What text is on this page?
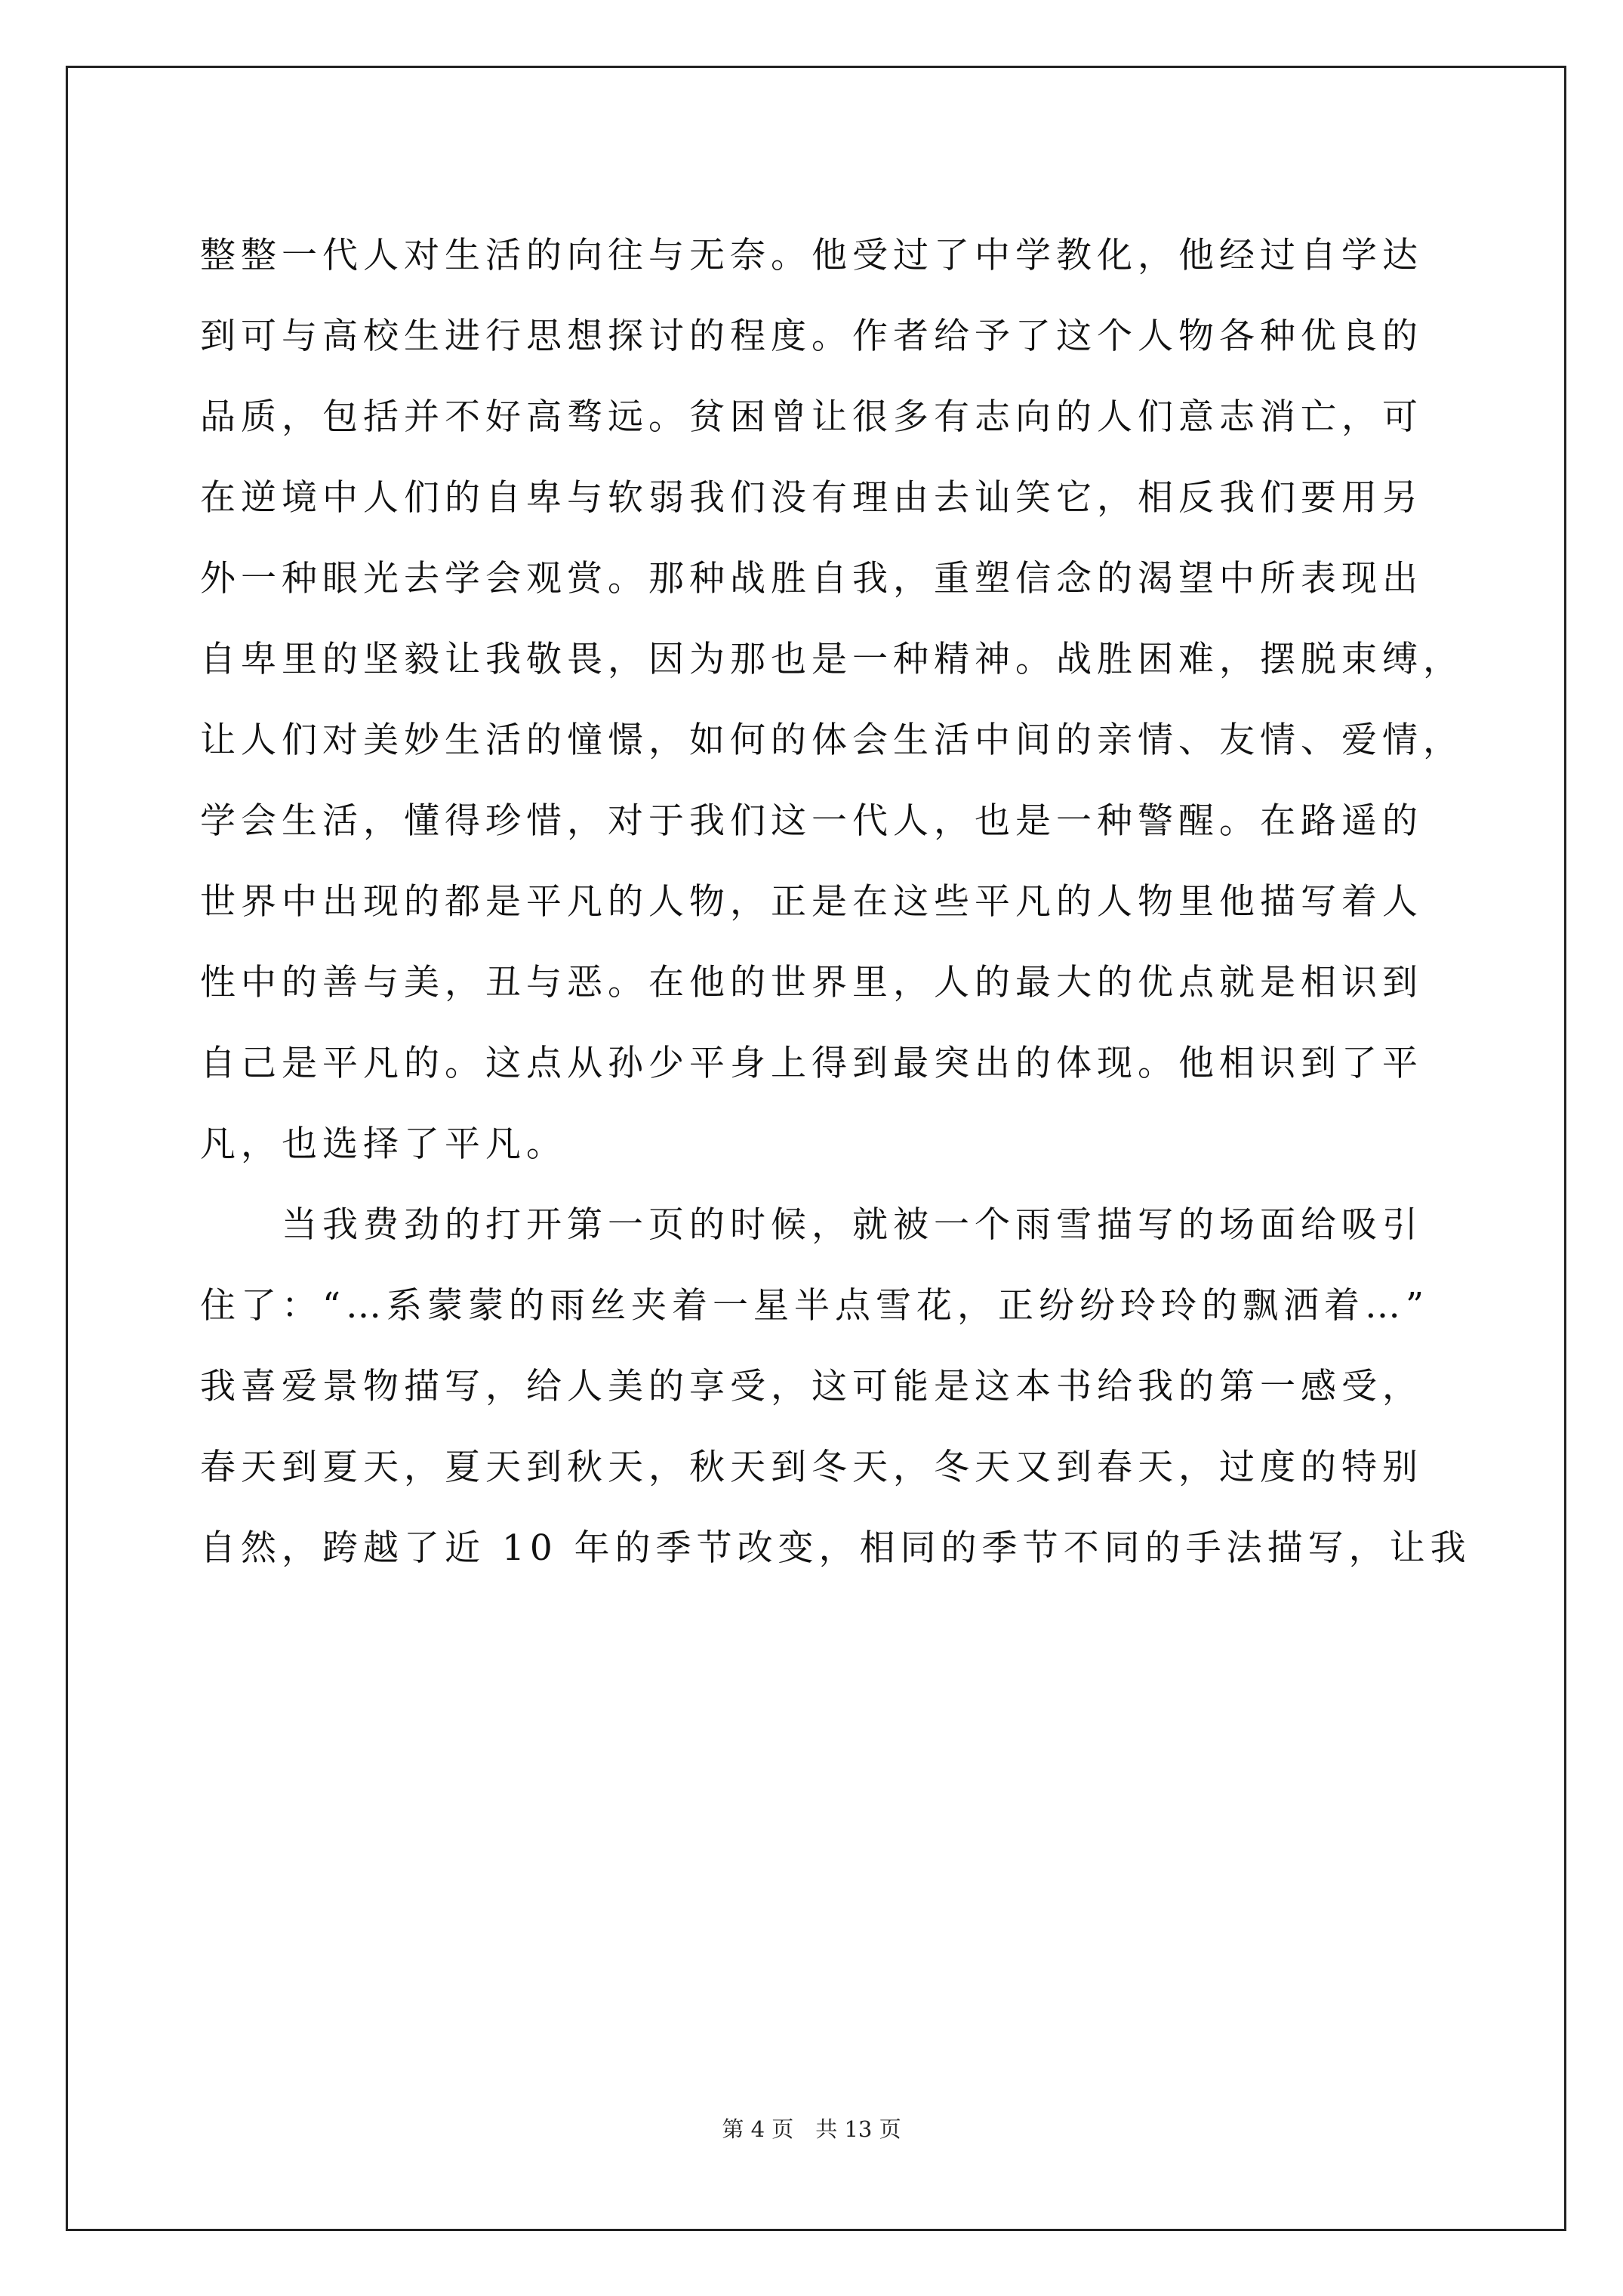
整整一代人对生活的向往与无奈。他受过了中学教化，他经过自学达
到可与高校生进行思想探讨的程度。作者给予了这个人物各种优良的
品质，包括并不好高骛远。贫困曾让很多有志向的人们意志消亡，可
在逆境中人们的自卑与软弱我们没有理由去讪笑它，相反我们要用另
外一种眼光去学会观赏。那种战胜自我，重塑信念的渴望中所表现出
自卑里的坚毅让我敬畏，因为那也是一种精神。战胜困难，摆脱束缚，
让人们对美妙生活的憧憬，如何的体会生活中间的亲情、友情、爱情，
学会生活，懂得珍惜，对于我们这一代人，也是一种警醒。在路遥的
世界中出现的都是平凡的人物，正是在这些平凡的人物里他描写着人
性中的善与美，丑与恶。在他的世界里，人的最大的优点就是相识到
自己是平凡的。这点从孙少平身上得到最突出的体现。他相识到了平
凡，也选择了平凡。
当我费劲的打开第一页的时候，就被一个雨雪描写的场面给吸引
住了：“…系蒙蒙的雨丝夹着一星半点雪花，正纷纷玲玲的飘洒着…”
我喜爱景物描写，给人美的享受，这可能是这本书给我的第一感受，
春天到夏天，夏天到秋天，秋天到冬天，冬天又到春天，过度的特别
自然，跨越了近 10 年的季节改变，相同的季节不同的手法描写，让我
第 4 页　共 13 页
